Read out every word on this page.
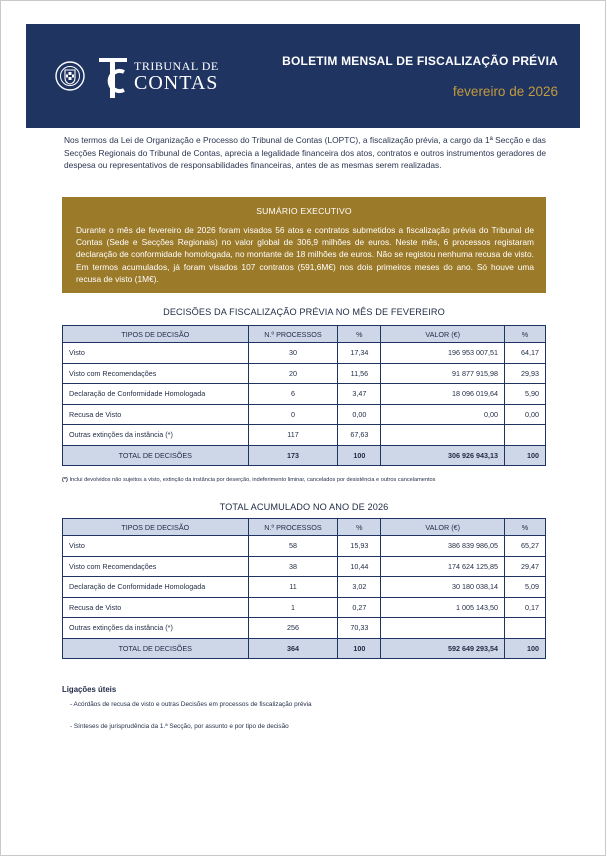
TRIBUNAL DE
CONTAS
BOLETIM MENSAL DE FISCALIZAÇÃO PRÉVIA
fevereiro de 2026

Nos termos da Lei de Organização e Processo do Tribunal de Contas (LOPTC), a fiscalização prévia, a cargo da 1ª Secção e das Secções Regionais do Tribunal de Contas, aprecia a legalidade financeira dos atos, contratos e outros instrumentos geradores de despesa ou representativos de responsabilidades financeiras, antes de as mesmas serem realizadas.

SUMÁRIO EXECUTIVO

Durante o mês de fevereiro de 2026 foram visados 56 atos e contratos submetidos a fiscalização prévia do Tribunal de Contas (Sede e Secções Regionais) no valor global de 306,9 milhões de euros. Neste mês, 6 processos registaram declaração de conformidade homologada, no montante de 18 milhões de euros. Não se registou nenhuma recusa de visto. Em termos acumulados, já foram visados 107 contratos (591,6M€) nos dois primeiros meses do ano. Só houve uma recusa de visto (1M€).

DECISÕES DA FISCALIZAÇÃO PRÉVIA NO MÊS DE FEVEREIRO
TIPOS DE DECISÃO	N.º PROCESSOS	%	VALOR (€)	%
Visto	30	17,34	196 953 007,51	64,17
Visto com Recomendações	20	11,56	91 877 915,98	29,93
Declaração de Conformidade Homologada	6	3,47	18 096 019,64	5,90
Recusa de Visto	0	0,00	0,00	0,00
Outras extinções da instância (*)	117	67,63		
TOTAL DE DECISÕES	173	100	306 926 943,13	100
(*) Inclui devolvidos não sujeitos a visto, extinção da instância por deserção, indeferimento liminar, cancelados por desistência e outros cancelamentos
TOTAL ACUMULADO NO ANO DE 2026
TIPOS DE DECISÃO	N.º PROCESSOS	%	VALOR (€)	%
Visto	58	15,93	386 839 986,05	65,27
Visto com Recomendações	38	10,44	174 624 125,85	29,47
Declaração de Conformidade Homologada	11	3,02	30 180 038,14	5,09
Recusa de Visto	1	0,27	1 005 143,50	0,17
Outras extinções da instância (*)	256	70,33		
TOTAL DE DECISÕES	364	100	592 649 293,54	100
Ligações úteis
- Acórdãos de recusa de visto e outras Decisões em processos de fiscalização prévia
- Sínteses de jurisprudência da 1.ª Secção, por assunto e por tipo de decisão
